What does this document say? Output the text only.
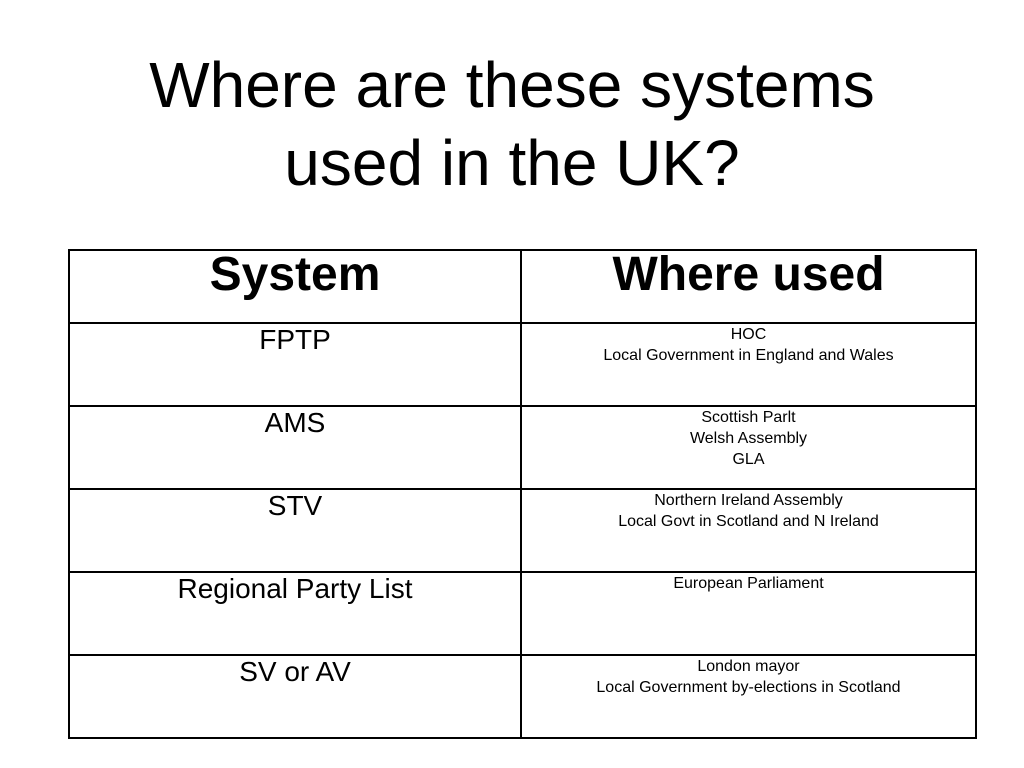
Where are these systems
used in the UK?
System	Where used
FPTP	HOC
Local Government in England and Wales

AMS	Scottish Parlt
Welsh Assembly
GLA

STV	Northern Ireland Assembly
Local Govt in Scotland and N Ireland

Regional Party List	European Parliament

SV or AV	London mayor
Local Government by-elections in Scotland
